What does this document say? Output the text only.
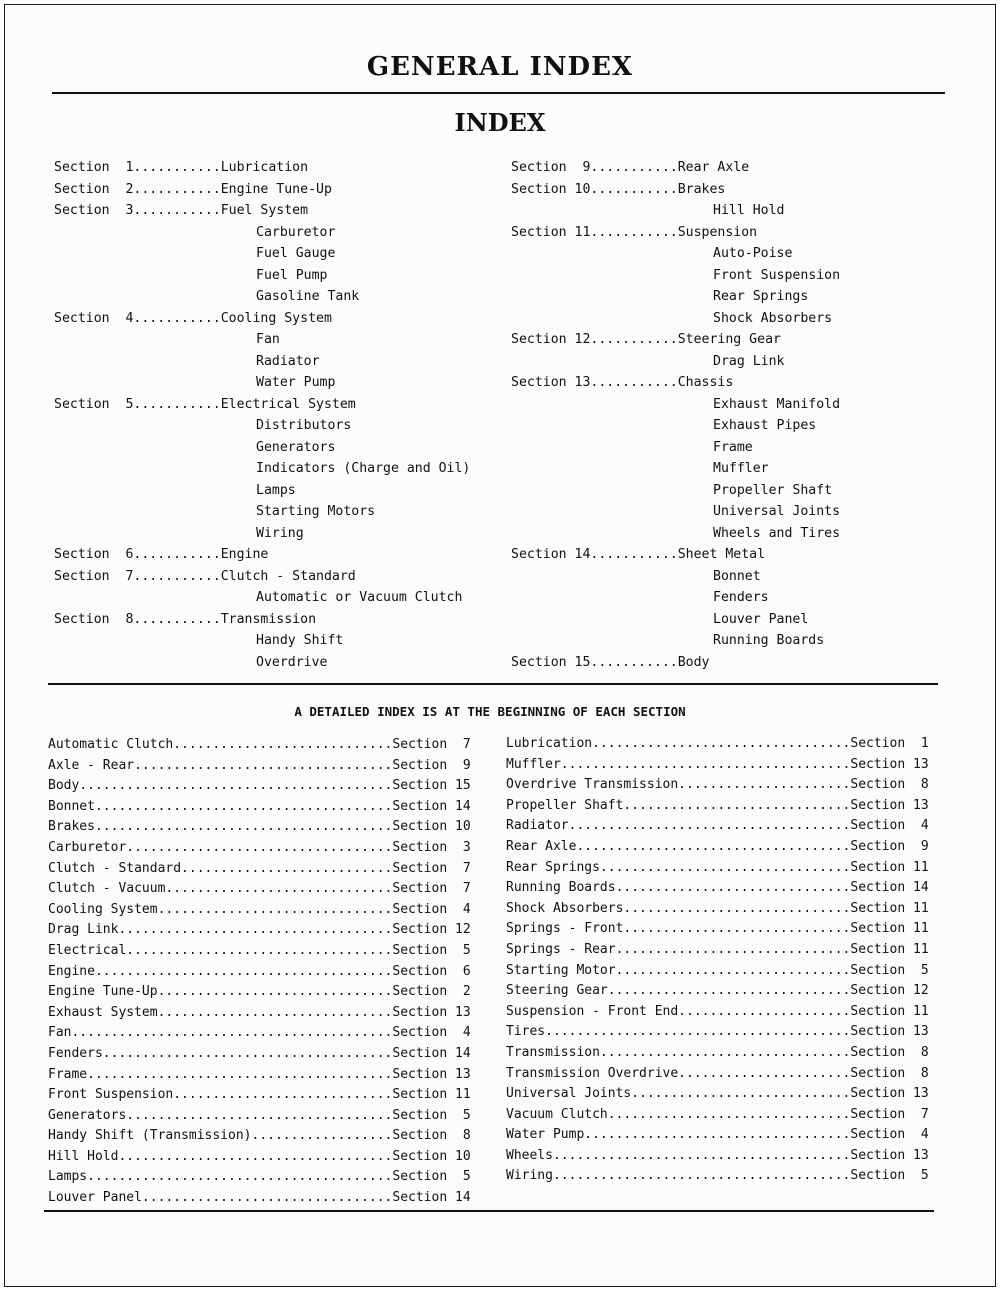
GENERAL INDEX
INDEX
Section  1...........Lubrication
Section  2...........Engine Tune-Up
Section  3...........Fuel System
Carburetor
Fuel Gauge
Fuel Pump
Gasoline Tank
Section  4...........Cooling System
Fan
Radiator
Water Pump
Section  5...........Electrical System
Distributors
Generators
Indicators (Charge and Oil)
Lamps
Starting Motors
Wiring
Section  6...........Engine
Section  7...........Clutch - Standard
Automatic or Vacuum Clutch
Section  8...........Transmission
Handy Shift
Overdrive
Section  9...........Rear Axle
Section 10...........Brakes
Hill Hold
Section 11...........Suspension
Auto-Poise
Front Suspension
Rear Springs
Shock Absorbers
Section 12...........Steering Gear
Drag Link
Section 13...........Chassis
Exhaust Manifold
Exhaust Pipes
Frame
Muffler
Propeller Shaft
Universal Joints
Wheels and Tires
Section 14...........Sheet Metal
Bonnet
Fenders
Louver Panel
Running Boards
Section 15...........Body
A DETAILED INDEX IS AT THE BEGINNING OF EACH SECTION
Automatic Clutch............................Section  7
Axle - Rear.................................Section  9
Body........................................Section 15
Bonnet......................................Section 14
Brakes......................................Section 10
Carburetor..................................Section  3
Clutch - Standard...........................Section  7
Clutch - Vacuum.............................Section  7
Cooling System..............................Section  4
Drag Link...................................Section 12
Electrical..................................Section  5
Engine......................................Section  6
Engine Tune-Up..............................Section  2
Exhaust System..............................Section 13
Fan.........................................Section  4
Fenders.....................................Section 14
Frame.......................................Section 13
Front Suspension............................Section 11
Generators..................................Section  5
Handy Shift (Transmission)..................Section  8
Hill Hold...................................Section 10
Lamps.......................................Section  5
Louver Panel................................Section 14
Lubrication.................................Section  1
Muffler.....................................Section 13
Overdrive Transmission......................Section  8
Propeller Shaft.............................Section 13
Radiator....................................Section  4
Rear Axle...................................Section  9
Rear Springs................................Section 11
Running Boards..............................Section 14
Shock Absorbers.............................Section 11
Springs - Front.............................Section 11
Springs - Rear..............................Section 11
Starting Motor..............................Section  5
Steering Gear...............................Section 12
Suspension - Front End......................Section 11
Tires.......................................Section 13
Transmission................................Section  8
Transmission Overdrive......................Section  8
Universal Joints............................Section 13
Vacuum Clutch...............................Section  7
Water Pump..................................Section  4
Wheels......................................Section 13
Wiring......................................Section  5
